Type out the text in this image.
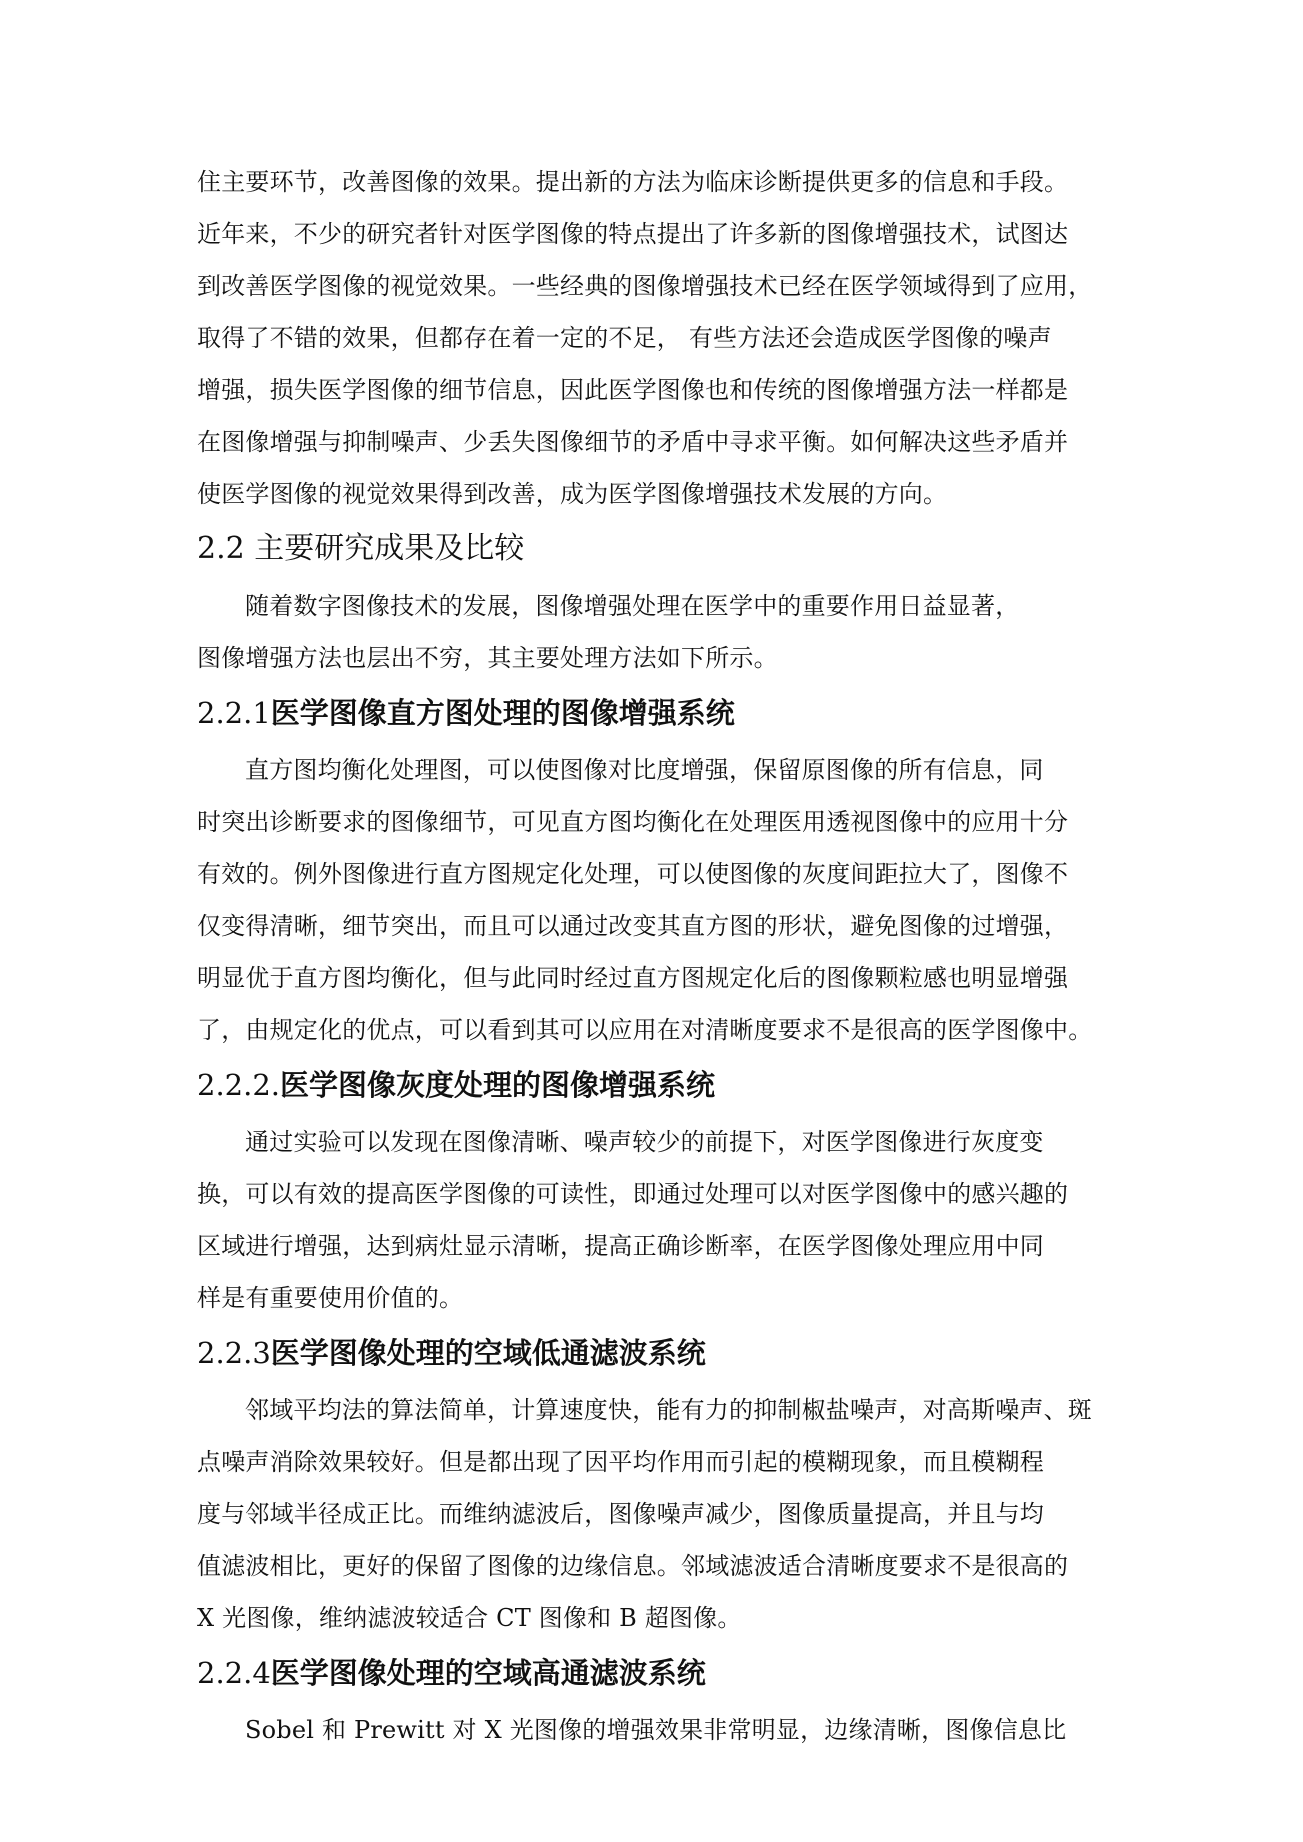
住主要环节，改善图像的效果。提出新的方法为临床诊断提供更多的信息和手段。
近年来，不少的研究者针对医学图像的特点提出了许多新的图像增强技术，试图达
到改善医学图像的视觉效果。一些经典的图像增强技术已经在医学领域得到了应用，
取得了不错的效果，但都存在着一定的不足， 有些方法还会造成医学图像的噪声
增强，损失医学图像的细节信息，因此医学图像也和传统的图像增强方法一样都是
在图像增强与抑制噪声、少丢失图像细节的矛盾中寻求平衡。如何解决这些矛盾并
使医学图像的视觉效果得到改善，成为医学图像增强技术发展的方向。
2.2 主要研究成果及比较
随着数字图像技术的发展，图像增强处理在医学中的重要作用日益显著，
图像增强方法也层出不穷，其主要处理方法如下所示。
2.2.1医学图像直方图处理的图像增强系统
直方图均衡化处理图，可以使图像对比度增强，保留原图像的所有信息，同
时突出诊断要求的图像细节，可见直方图均衡化在处理医用透视图像中的应用十分
有效的。例外图像进行直方图规定化处理，可以使图像的灰度间距拉大了，图像不
仅变得清晰，细节突出，而且可以通过改变其直方图的形状，避免图像的过增强，
明显优于直方图均衡化，但与此同时经过直方图规定化后的图像颗粒感也明显增强
了，由规定化的优点，可以看到其可以应用在对清晰度要求不是很高的医学图像中。
2.2.2.医学图像灰度处理的图像增强系统
通过实验可以发现在图像清晰、噪声较少的前提下，对医学图像进行灰度变
换，可以有效的提高医学图像的可读性，即通过处理可以对医学图像中的感兴趣的
区域进行增强，达到病灶显示清晰，提高正确诊断率，在医学图像处理应用中同
样是有重要使用价值的。
2.2.3医学图像处理的空域低通滤波系统
邻域平均法的算法简单，计算速度快，能有力的抑制椒盐噪声，对高斯噪声、斑
点噪声消除效果较好。但是都出现了因平均作用而引起的模糊现象，而且模糊程
度与邻域半径成正比。而维纳滤波后，图像噪声减少，图像质量提高，并且与均
值滤波相比，更好的保留了图像的边缘信息。邻域滤波适合清晰度要求不是很高的
X 光图像，维纳滤波较适合 CT 图像和 B 超图像。
2.2.4医学图像处理的空域高通滤波系统
Sobel 和 Prewitt 对 X 光图像的增强效果非常明显，边缘清晰，图像信息比
